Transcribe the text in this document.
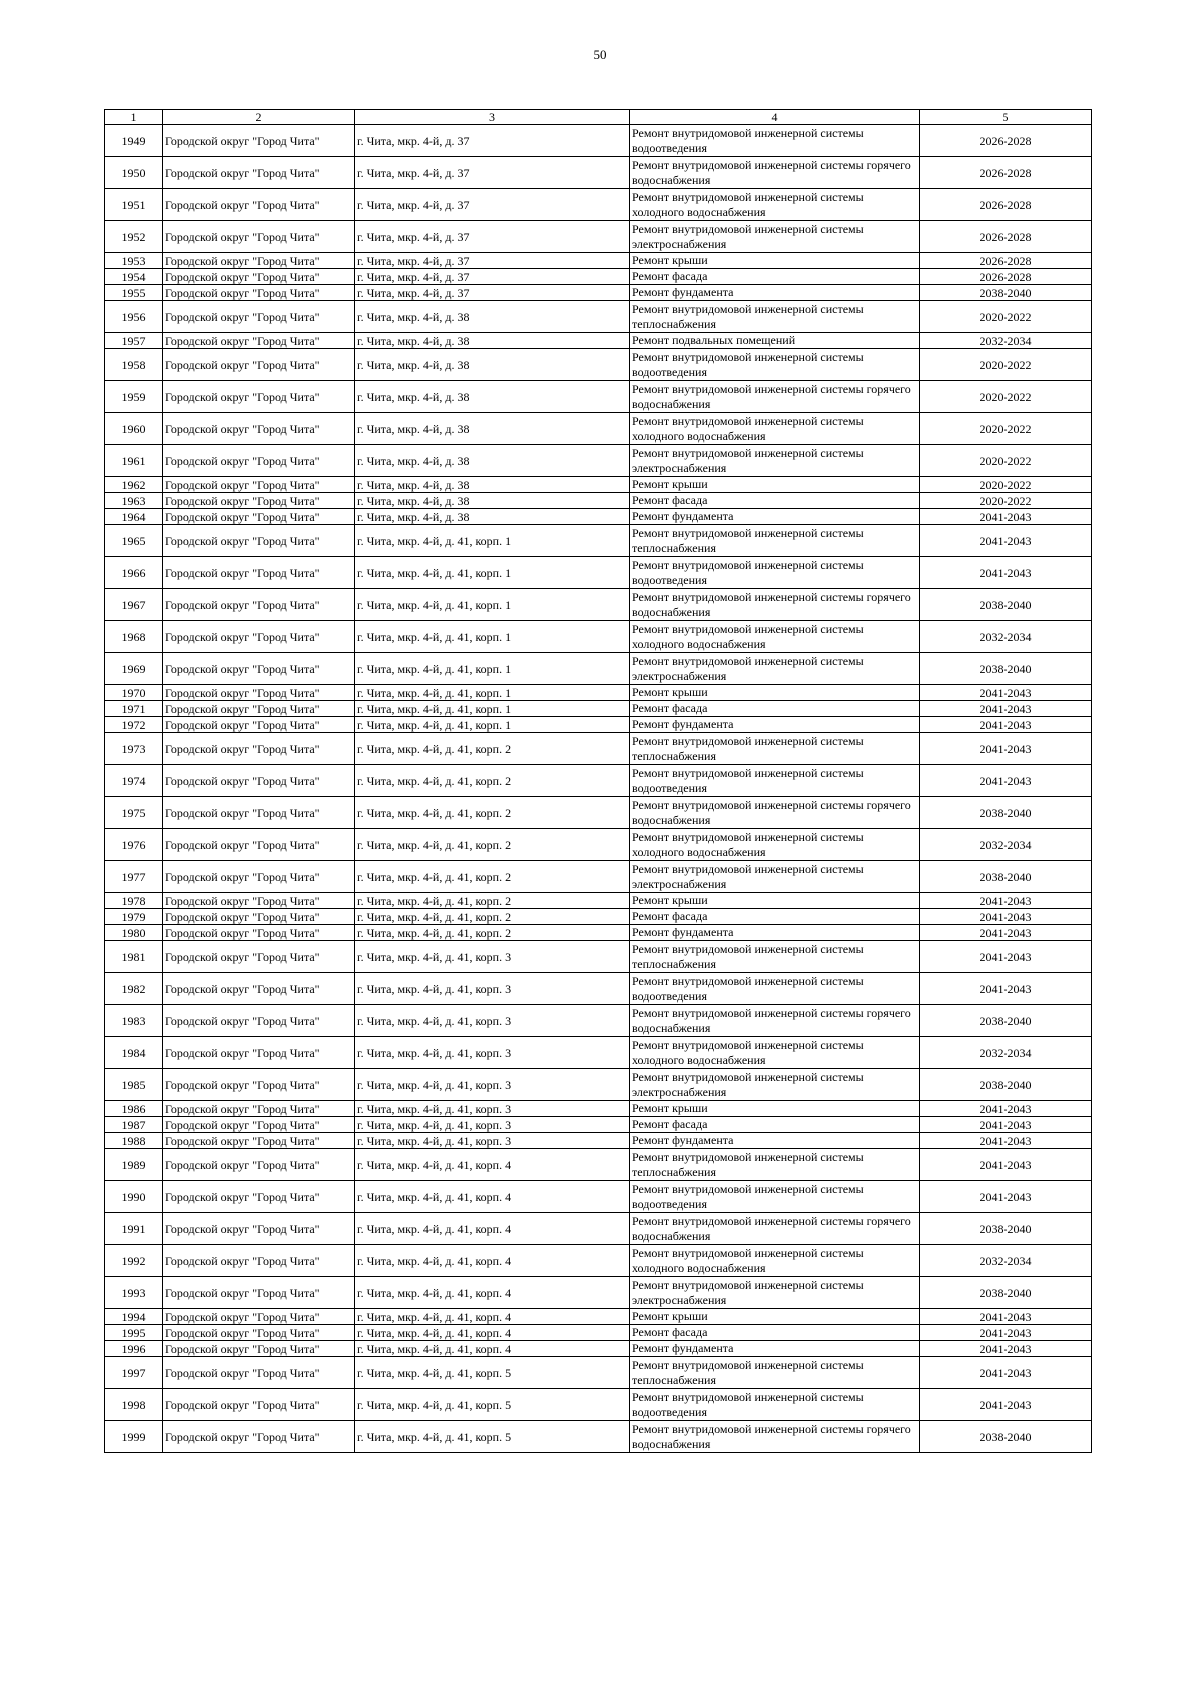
50
1	2	3	4	5
1949	Городской округ "Город Чита"	г. Чита, мкр. 4-й, д. 37	Ремонт внутридомовой инженерной системы водоотведения	2026-2028
1950	Городской округ "Город Чита"	г. Чита, мкр. 4-й, д. 37	Ремонт внутридомовой инженерной системы горячего водоснабжения	2026-2028
1951	Городской округ "Город Чита"	г. Чита, мкр. 4-й, д. 37	Ремонт внутридомовой инженерной системы холодного водоснабжения	2026-2028
1952	Городской округ "Город Чита"	г. Чита, мкр. 4-й, д. 37	Ремонт внутридомовой инженерной системы электроснабжения	2026-2028
1953	Городской округ "Город Чита"	г. Чита, мкр. 4-й, д. 37	Ремонт крыши	2026-2028
1954	Городской округ "Город Чита"	г. Чита, мкр. 4-й, д. 37	Ремонт фасада	2026-2028
1955	Городской округ "Город Чита"	г. Чита, мкр. 4-й, д. 37	Ремонт фундамента	2038-2040
1956	Городской округ "Город Чита"	г. Чита, мкр. 4-й, д. 38	Ремонт внутридомовой инженерной системы теплоснабжения	2020-2022
1957	Городской округ "Город Чита"	г. Чита, мкр. 4-й, д. 38	Ремонт подвальных помещений	2032-2034
1958	Городской округ "Город Чита"	г. Чита, мкр. 4-й, д. 38	Ремонт внутридомовой инженерной системы водоотведения	2020-2022
1959	Городской округ "Город Чита"	г. Чита, мкр. 4-й, д. 38	Ремонт внутридомовой инженерной системы горячего водоснабжения	2020-2022
1960	Городской округ "Город Чита"	г. Чита, мкр. 4-й, д. 38	Ремонт внутридомовой инженерной системы холодного водоснабжения	2020-2022
1961	Городской округ "Город Чита"	г. Чита, мкр. 4-й, д. 38	Ремонт внутридомовой инженерной системы электроснабжения	2020-2022
1962	Городской округ "Город Чита"	г. Чита, мкр. 4-й, д. 38	Ремонт крыши	2020-2022
1963	Городской округ "Город Чита"	г. Чита, мкр. 4-й, д. 38	Ремонт фасада	2020-2022
1964	Городской округ "Город Чита"	г. Чита, мкр. 4-й, д. 38	Ремонт фундамента	2041-2043
1965	Городской округ "Город Чита"	г. Чита, мкр. 4-й, д. 41, корп. 1	Ремонт внутридомовой инженерной системы теплоснабжения	2041-2043
1966	Городской округ "Город Чита"	г. Чита, мкр. 4-й, д. 41, корп. 1	Ремонт внутридомовой инженерной системы водоотведения	2041-2043
1967	Городской округ "Город Чита"	г. Чита, мкр. 4-й, д. 41, корп. 1	Ремонт внутридомовой инженерной системы горячего водоснабжения	2038-2040
1968	Городской округ "Город Чита"	г. Чита, мкр. 4-й, д. 41, корп. 1	Ремонт внутридомовой инженерной системы холодного водоснабжения	2032-2034
1969	Городской округ "Город Чита"	г. Чита, мкр. 4-й, д. 41, корп. 1	Ремонт внутридомовой инженерной системы электроснабжения	2038-2040
1970	Городской округ "Город Чита"	г. Чита, мкр. 4-й, д. 41, корп. 1	Ремонт крыши	2041-2043
1971	Городской округ "Город Чита"	г. Чита, мкр. 4-й, д. 41, корп. 1	Ремонт фасада	2041-2043
1972	Городской округ "Город Чита"	г. Чита, мкр. 4-й, д. 41, корп. 1	Ремонт фундамента	2041-2043
1973	Городской округ "Город Чита"	г. Чита, мкр. 4-й, д. 41, корп. 2	Ремонт внутридомовой инженерной системы теплоснабжения	2041-2043
1974	Городской округ "Город Чита"	г. Чита, мкр. 4-й, д. 41, корп. 2	Ремонт внутридомовой инженерной системы водоотведения	2041-2043
1975	Городской округ "Город Чита"	г. Чита, мкр. 4-й, д. 41, корп. 2	Ремонт внутридомовой инженерной системы горячего водоснабжения	2038-2040
1976	Городской округ "Город Чита"	г. Чита, мкр. 4-й, д. 41, корп. 2	Ремонт внутридомовой инженерной системы холодного водоснабжения	2032-2034
1977	Городской округ "Город Чита"	г. Чита, мкр. 4-й, д. 41, корп. 2	Ремонт внутридомовой инженерной системы электроснабжения	2038-2040
1978	Городской округ "Город Чита"	г. Чита, мкр. 4-й, д. 41, корп. 2	Ремонт крыши	2041-2043
1979	Городской округ "Город Чита"	г. Чита, мкр. 4-й, д. 41, корп. 2	Ремонт фасада	2041-2043
1980	Городской округ "Город Чита"	г. Чита, мкр. 4-й, д. 41, корп. 2	Ремонт фундамента	2041-2043
1981	Городской округ "Город Чита"	г. Чита, мкр. 4-й, д. 41, корп. 3	Ремонт внутридомовой инженерной системы теплоснабжения	2041-2043
1982	Городской округ "Город Чита"	г. Чита, мкр. 4-й, д. 41, корп. 3	Ремонт внутридомовой инженерной системы водоотведения	2041-2043
1983	Городской округ "Город Чита"	г. Чита, мкр. 4-й, д. 41, корп. 3	Ремонт внутридомовой инженерной системы горячего водоснабжения	2038-2040
1984	Городской округ "Город Чита"	г. Чита, мкр. 4-й, д. 41, корп. 3	Ремонт внутридомовой инженерной системы холодного водоснабжения	2032-2034
1985	Городской округ "Город Чита"	г. Чита, мкр. 4-й, д. 41, корп. 3	Ремонт внутридомовой инженерной системы электроснабжения	2038-2040
1986	Городской округ "Город Чита"	г. Чита, мкр. 4-й, д. 41, корп. 3	Ремонт крыши	2041-2043
1987	Городской округ "Город Чита"	г. Чита, мкр. 4-й, д. 41, корп. 3	Ремонт фасада	2041-2043
1988	Городской округ "Город Чита"	г. Чита, мкр. 4-й, д. 41, корп. 3	Ремонт фундамента	2041-2043
1989	Городской округ "Город Чита"	г. Чита, мкр. 4-й, д. 41, корп. 4	Ремонт внутридомовой инженерной системы теплоснабжения	2041-2043
1990	Городской округ "Город Чита"	г. Чита, мкр. 4-й, д. 41, корп. 4	Ремонт внутридомовой инженерной системы водоотведения	2041-2043
1991	Городской округ "Город Чита"	г. Чита, мкр. 4-й, д. 41, корп. 4	Ремонт внутридомовой инженерной системы горячего водоснабжения	2038-2040
1992	Городской округ "Город Чита"	г. Чита, мкр. 4-й, д. 41, корп. 4	Ремонт внутридомовой инженерной системы холодного водоснабжения	2032-2034
1993	Городской округ "Город Чита"	г. Чита, мкр. 4-й, д. 41, корп. 4	Ремонт внутридомовой инженерной системы электроснабжения	2038-2040
1994	Городской округ "Город Чита"	г. Чита, мкр. 4-й, д. 41, корп. 4	Ремонт крыши	2041-2043
1995	Городской округ "Город Чита"	г. Чита, мкр. 4-й, д. 41, корп. 4	Ремонт фасада	2041-2043
1996	Городской округ "Город Чита"	г. Чита, мкр. 4-й, д. 41, корп. 4	Ремонт фундамента	2041-2043
1997	Городской округ "Город Чита"	г. Чита, мкр. 4-й, д. 41, корп. 5	Ремонт внутридомовой инженерной системы теплоснабжения	2041-2043
1998	Городской округ "Город Чита"	г. Чита, мкр. 4-й, д. 41, корп. 5	Ремонт внутридомовой инженерной системы водоотведения	2041-2043
1999	Городской округ "Город Чита"	г. Чита, мкр. 4-й, д. 41, корп. 5	Ремонт внутридомовой инженерной системы горячего водоснабжения	2038-2040
